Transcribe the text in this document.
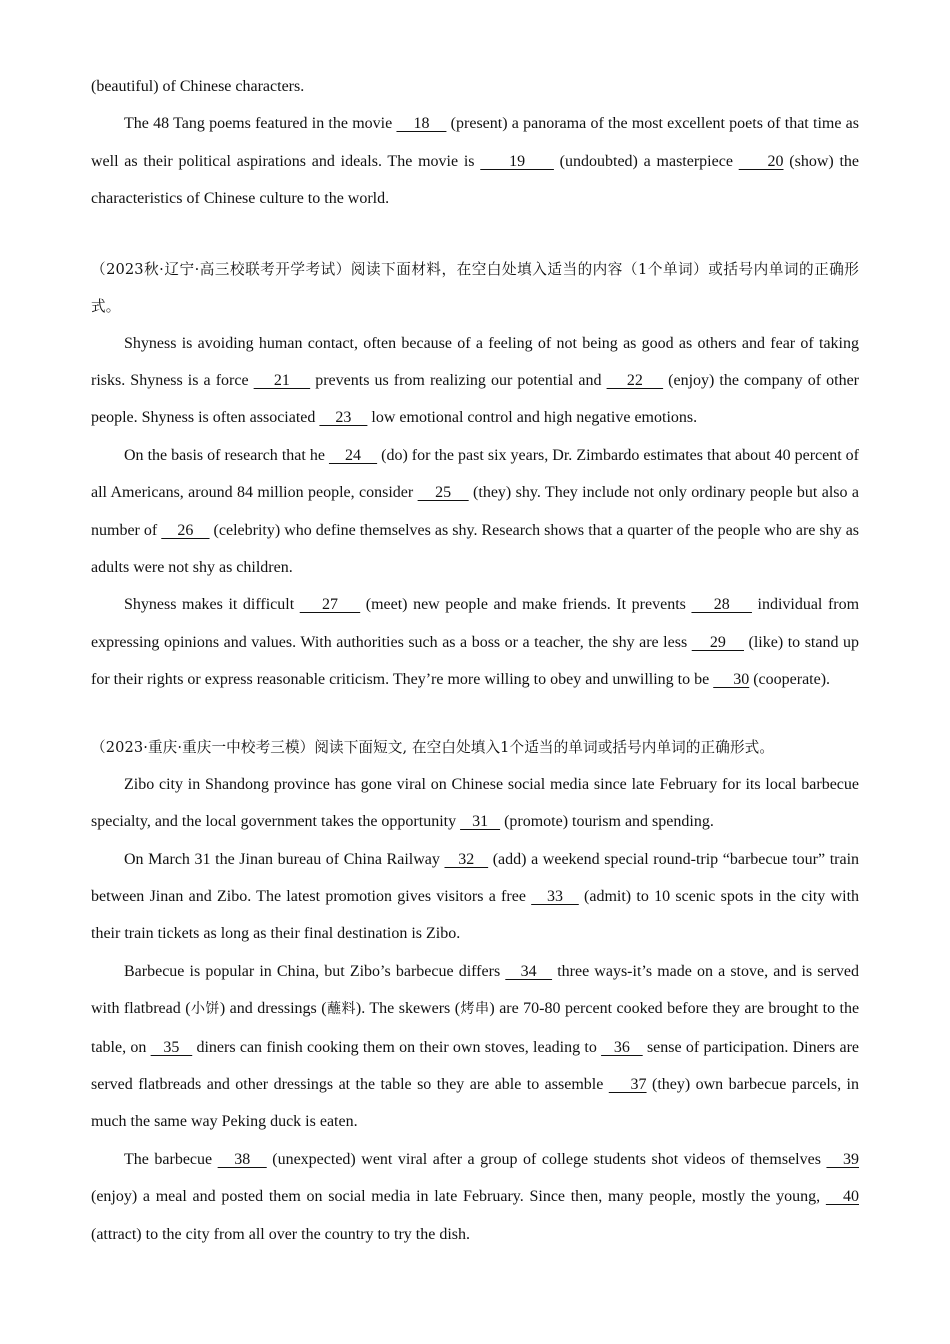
(beautiful) of Chinese characters.

The 48 Tang poems featured in the movie     18     (present) a panorama of the most excellent poets of that time as well as their political aspirations and ideals. The movie is      19      (undoubted) a masterpiece      20 (show) the characteristics of Chinese culture to the world.

（2023秋·辽宁·高三校联考开学考试）阅读下面材料，在空白处填入适当的内容（1个单词）或括号内单词的正确形式。

Shyness is avoiding human contact, often because of a feeling of not being as good as others and fear of taking risks. Shyness is a force     21     prevents us from realizing our potential and     22     (enjoy) the company of other people. Shyness is often associated     23     low emotional control and high negative emotions.

On the basis of research that he     24     (do) for the past six years, Dr. Zimbardo estimates that about 40 percent of all Americans, around 84 million people, consider     25     (they) shy. They include not only ordinary people but also a number of     26     (celebrity) who define themselves as shy. Research shows that a quarter of the people who are shy as adults were not shy as children.

Shyness makes it difficult     27     (meet) new people and make friends. It prevents     28     individual from expressing opinions and values. With authorities such as a boss or a teacher, the shy are less     29     (like) to stand up for their rights or express reasonable criticism. They’re more willing to obey and unwilling to be      30 (cooperate).

（2023·重庆·重庆一中校考三模）阅读下面短文, 在空白处填入1个适当的单词或括号内单词的正确形式。

Zibo city in Shandong province has gone viral on Chinese social media since late February for its local barbecue specialty, and the local government takes the opportunity    31    (promote) tourism and spending.

On March 31 the Jinan bureau of China Railway    32    (add) a weekend special round-trip “barbecue tour” train between Jinan and Zibo. The latest promotion gives visitors a free    33    (admit) to 10 scenic spots in the city with their train tickets as long as their final destination is Zibo.

Barbecue is popular in China, but Zibo’s barbecue differs    34    three ways-it’s made on a stove, and is served with flatbread (小饼) and dressings (蘸料). The skewers (烤串) are 70-80 percent cooked before they are brought to the table, on    35    diners can finish cooking them on their own stoves, leading to    36    sense of participation. Diners are served flatbreads and other dressings at the table so they are able to assemble     37 (they) own barbecue parcels, in much the same way Peking duck is eaten.

The barbecue    38    (unexpected) went viral after a group of college students shot videos of themselves    39 (enjoy) a meal and posted them on social media in late February. Since then, many people, mostly the young,    40 (attract) to the city from all over the country to try the dish.
